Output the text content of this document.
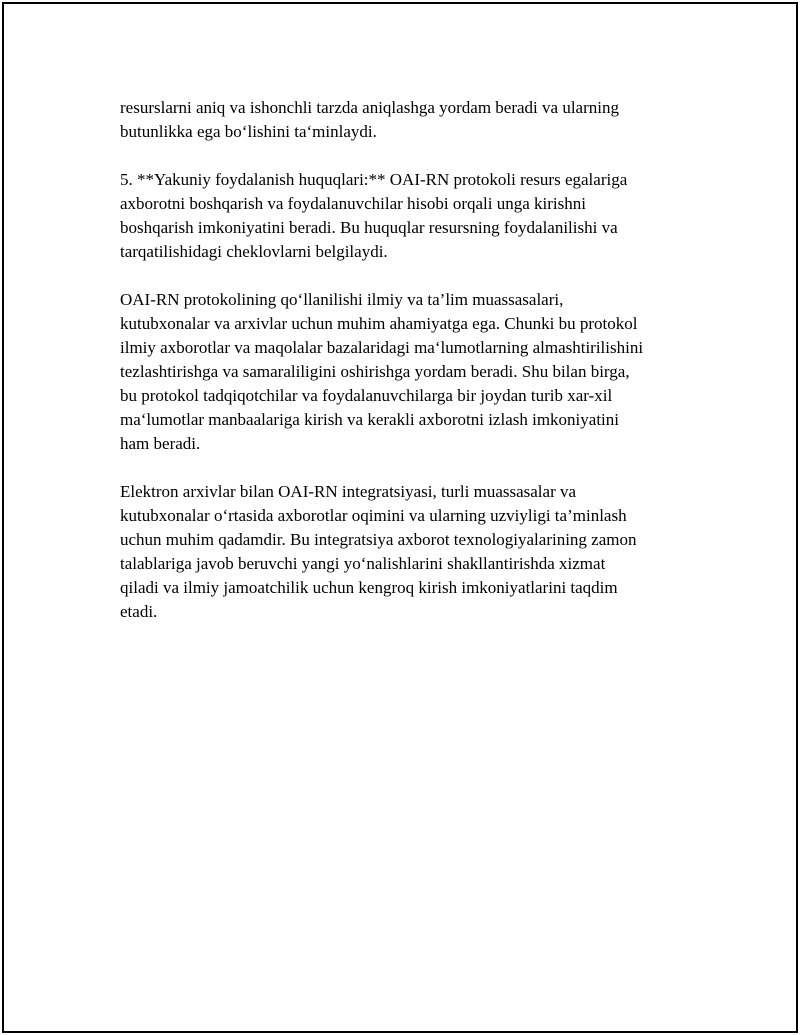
resurslarni aniq va ishonchli tarzda aniqlashga yordam beradi va ularning
butunlikka ega bo‘lishini ta‘minlaydi.

5. **Yakuniy foydalanish huquqlari:** OAI-RN protokoli resurs egalariga
axborotni boshqarish va foydalanuvchilar hisobi orqali unga kirishni
boshqarish imkoniyatini beradi. Bu huquqlar resursning foydalanilishi va
tarqatilishidagi cheklovlarni belgilaydi.

OAI-RN protokolining qo‘llanilishi ilmiy va ta’lim muassasalari,
kutubxonalar va arxivlar uchun muhim ahamiyatga ega. Chunki bu protokol
ilmiy axborotlar va maqolalar bazalaridagi ma‘lumotlarning almashtirilishini
tezlashtirishga va samaraliligini oshirishga yordam beradi. Shu bilan birga,
bu protokol tadqiqotchilar va foydalanuvchilarga bir joydan turib xar-xil
ma‘lumotlar manbaalariga kirish va kerakli axborotni izlash imkoniyatini
ham beradi.

Elektron arxivlar bilan OAI-RN integratsiyasi, turli muassasalar va
kutubxonalar o‘rtasida axborotlar oqimini va ularning uzviyligi ta’minlash
uchun muhim qadamdir. Bu integratsiya axborot texnologiyalarining zamon
talablariga javob beruvchi yangi yo‘nalishlarini shakllantirishda xizmat
qiladi va ilmiy jamoatchilik uchun kengroq kirish imkoniyatlarini taqdim
etadi.
